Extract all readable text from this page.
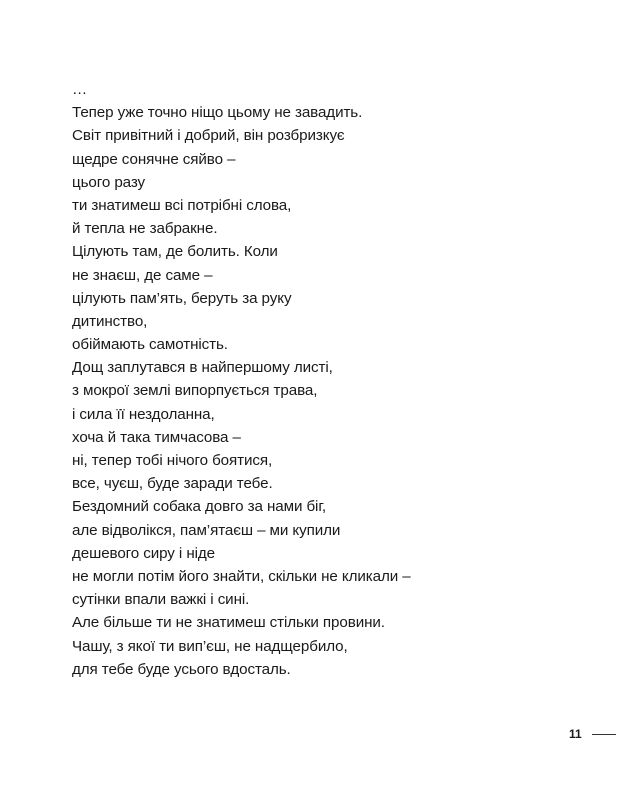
…
Тепер уже точно ніщо цьому не завадить.
Світ привітний і добрий, він розбризкує
щедре сонячне сяйво –
цього разу
ти знатимеш всі потрібні слова,
й тепла не забракне.
Цілують там, де болить. Коли
не знаєш, де саме –
цілують пам’ять, беруть за руку
дитинство,
обіймають самотність.
Дощ заплутався в найпершому листі,
з мокрої землі випорпується трава,
і сила її нездоланна,
хоча й така тимчасова –
ні, тепер тобі нічого боятися,
все, чуєш, буде заради тебе.
Бездомний собака довго за нами біг,
але відволікся, пам’ятаєш – ми купили
дешевого сиру і ніде
не могли потім його знайти, скільки не кликали –
сутінки впали важкі і сині.
Але більше ти не знатимеш стільки провини.
Чашу, з якої ти вип’єш, не надщербило,
для тебе буде усього вдосталь.
11
